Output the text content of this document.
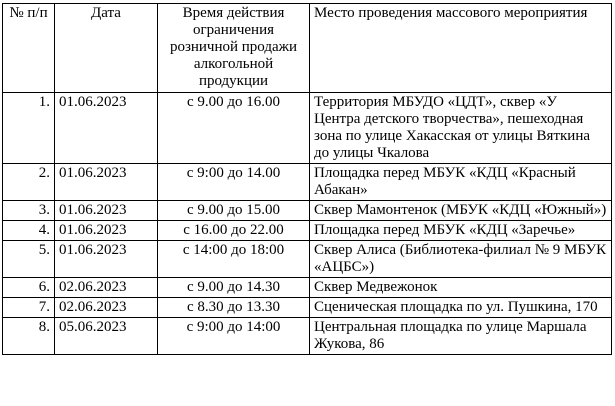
№ п/п	Дата	Время действия ограничения розничной продажи алкогольной продукции	Место проведения массового мероприятия
1.	01.06.2023	с 9.00 до 16.00	Территория МБУДО «ЦДТ», сквер «У Центра детского творчества», пешеходная зона по улице Хакасская от улицы Вяткина до улицы Чкалова
2.	01.06.2023	с 9:00 до 14.00	Площадка перед МБУК «КДЦ «Красный Абакан»
3.	01.06.2023	с 9.00 до 15.00	Сквер Мамонтенок (МБУК «КДЦ «Южный»)
4.	01.06.2023	с 16.00 до 22.00	Площадка перед МБУК «КДЦ «Заречье»
5.	01.06.2023	с 14:00 до 18:00	Сквер Алиса (Библиотека-филиал № 9 МБУК «АЦБС»)
6.	02.06.2023	с 9.00 до 14.30	Сквер Медвежонок
7.	02.06.2023	с 8.30 до 13.30	Сценическая площадка по ул. Пушкина, 170
8.	05.06.2023	с 9:00 до 14:00	Центральная площадка по улице Маршала Жукова, 86
